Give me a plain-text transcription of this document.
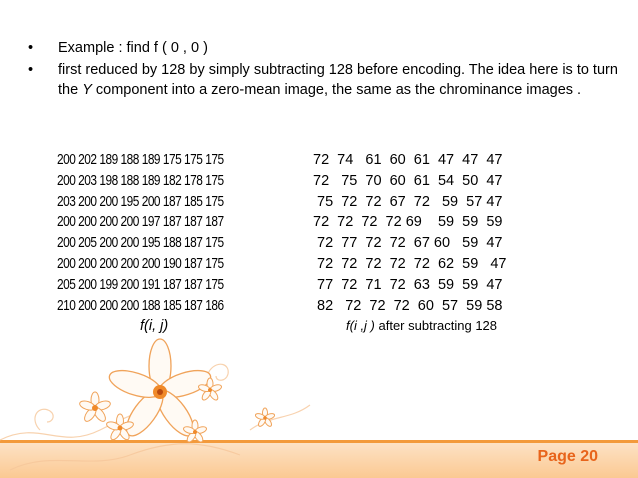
•	Example : find f ( 0 , 0 )

•	first reduced by 128 by simply subtracting 128 before encoding. The idea here is to turn the Y component into a zero-mean image, the same as the chrominance images .

200 202 189 188 189 175 175 175
200 203 198 188 189 182 178 175
203 200 200 195 200 187 185 175
200 200 200 200 197 187 187 187
200 205 200 200 195 188 187 175
200 200 200 200 200 190 187 175
205 200 199 200 191 187 187 175
210 200 200 200 188 185 187 186
f(i, j)
72  74   61  60  61  47  47  47
72   75  70  60  61  54  50  47
75  72  72  67  72   59  57 47
72  72  72  72 69    59  59  59
72  77  72  72  67 60   59  47
72  72  72  72  72  62  59   47
77  72  71  72  63  59  59  47
82   72  72  72  60  57  59 58
f(i ,j ) after subtracting 128
Page 20
